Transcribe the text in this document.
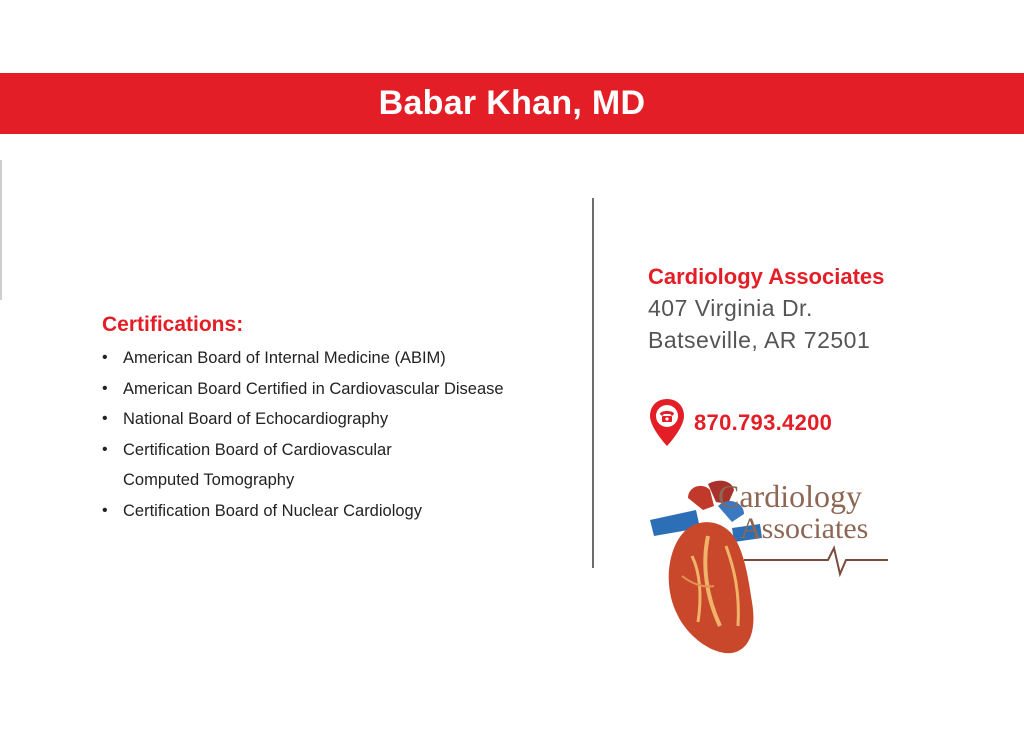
Babar Khan, MD
Certifications:
• American Board of Internal Medicine (ABIM)
• American Board Certified in Cardiovascular Disease
• National Board of Echocardiography
• Certification Board of Cardiovascular
Computed Tomography
• Certification Board of Nuclear Cardiology

Cardiology Associates

407 Virginia Dr.

Batseville, AR 72501

870.793.4200
Cardiology
Associates
